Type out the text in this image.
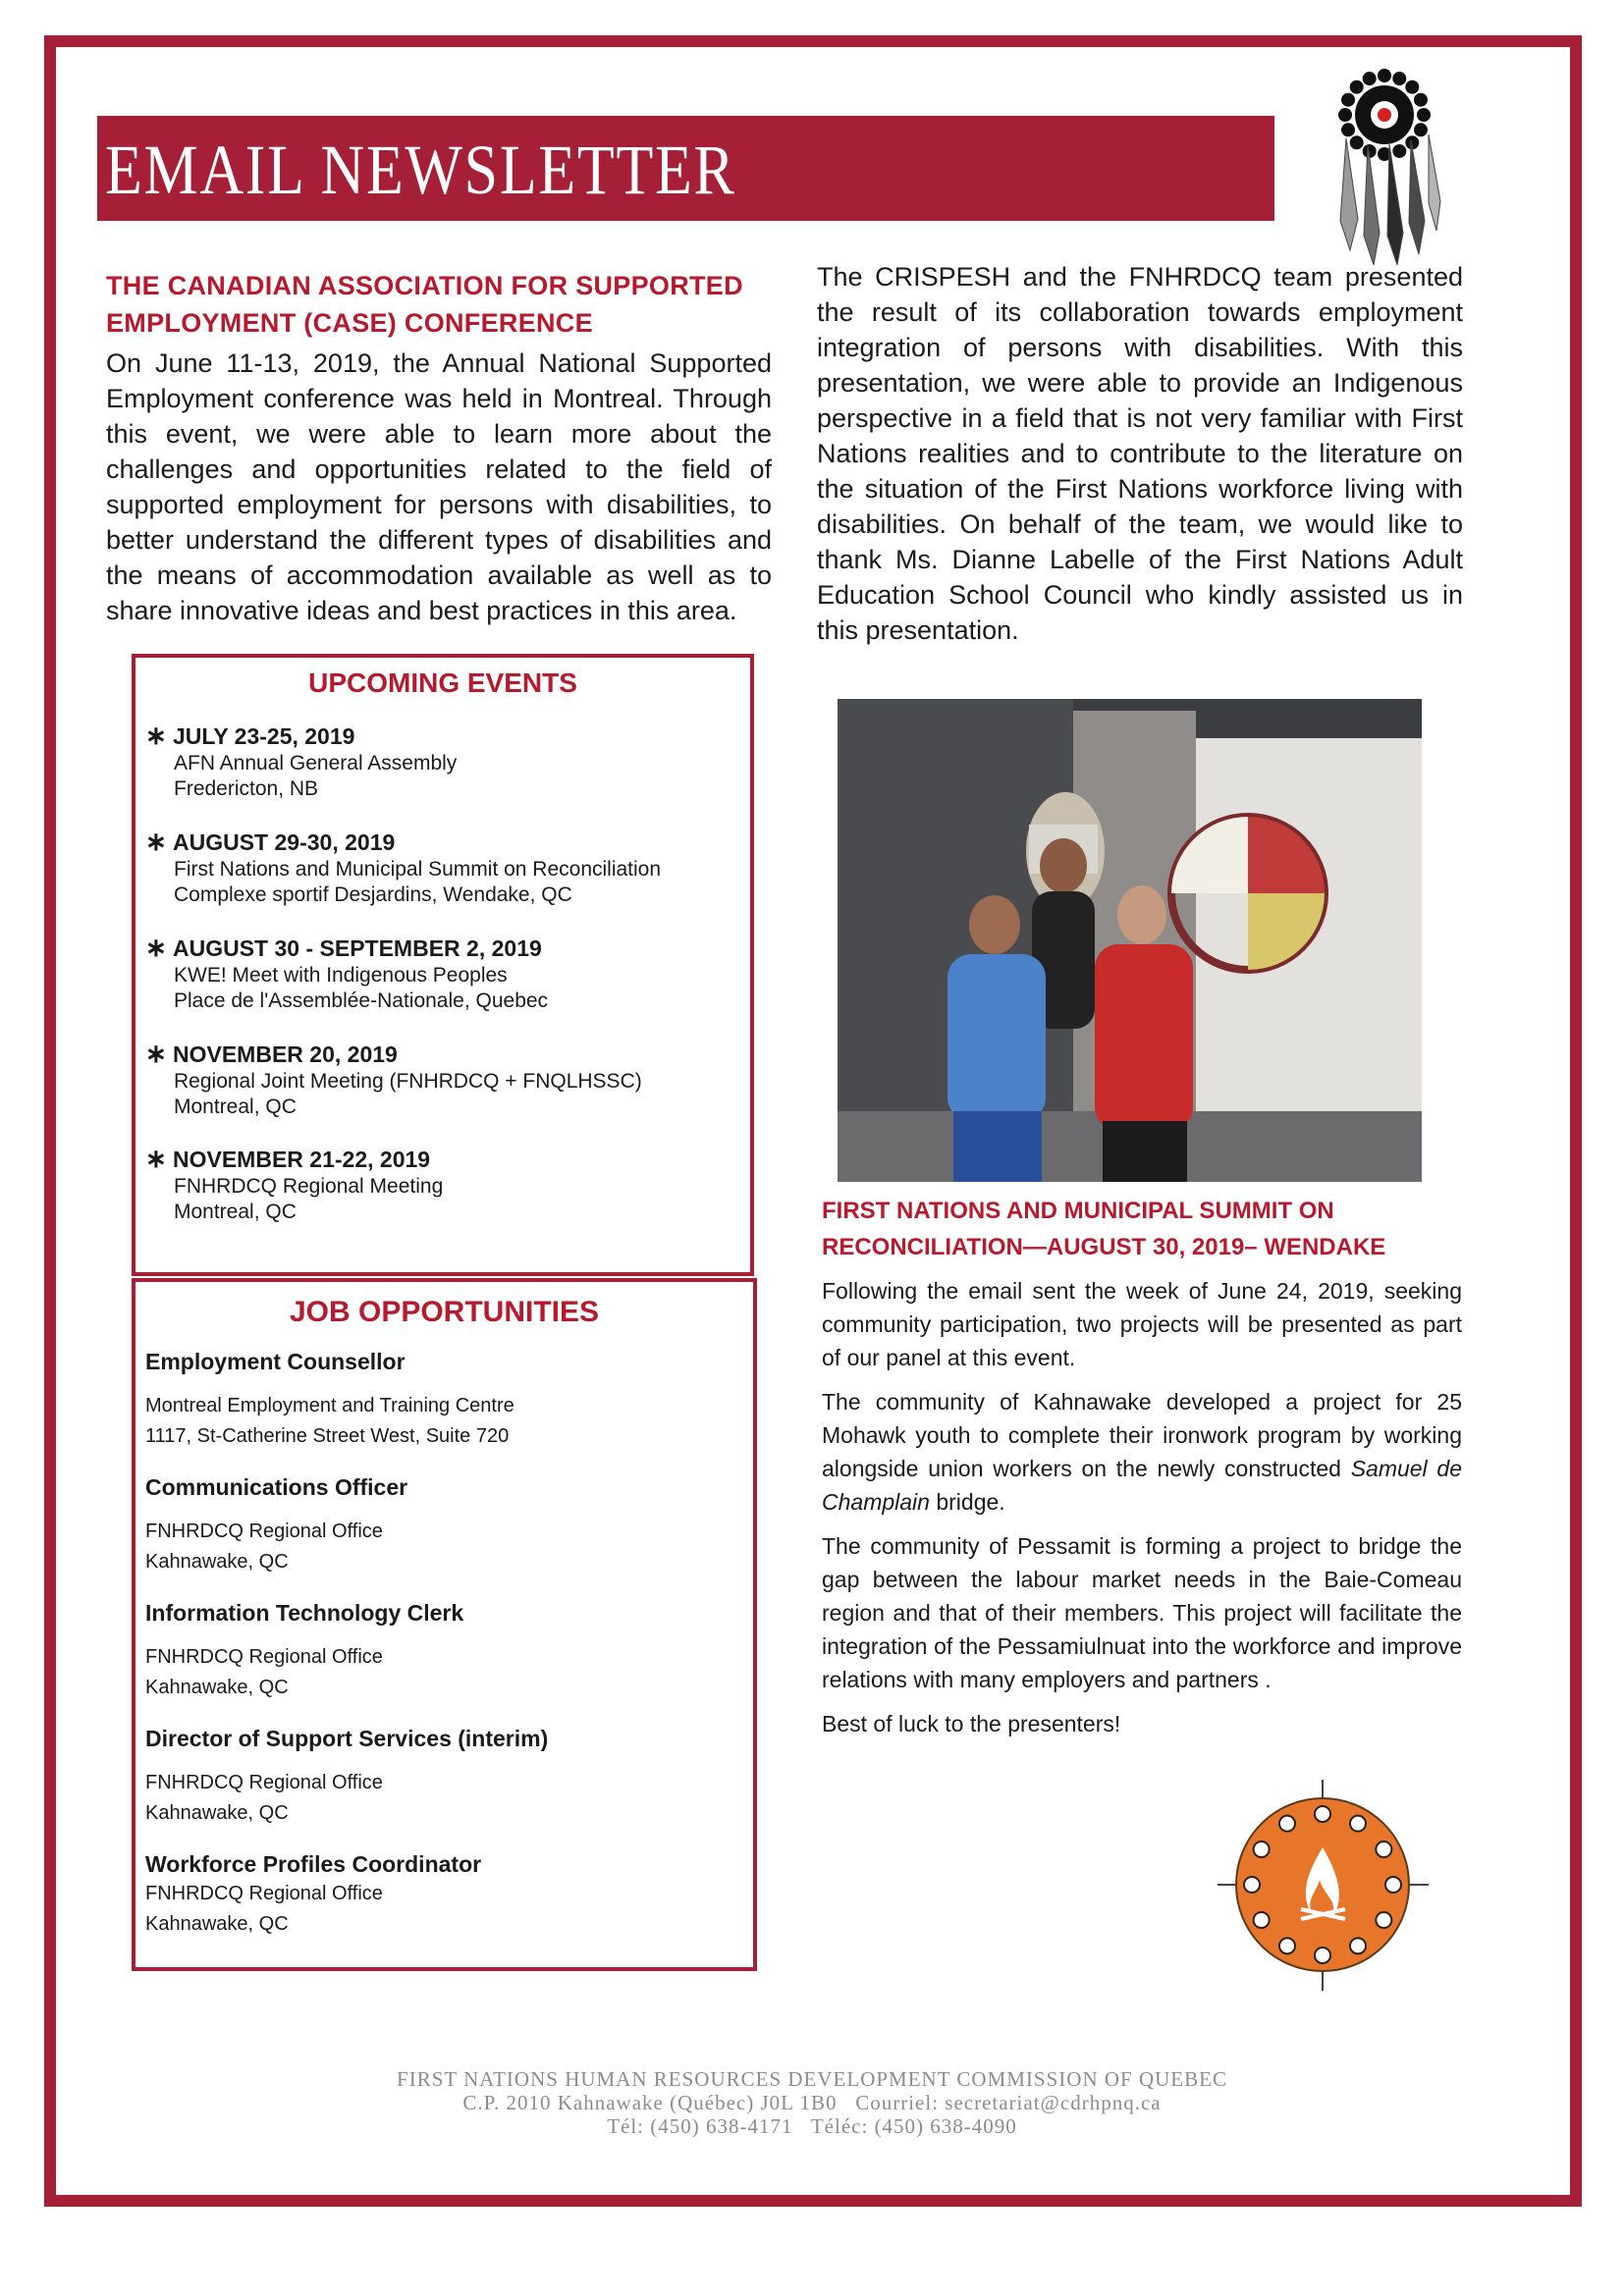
EMAIL NEWSLETTER
THE CANADIAN ASSOCIATION FOR SUPPORTED
EMPLOYMENT (CASE) CONFERENCE
On June 11-13, 2019, the Annual National Supported Employment conference was held in Montreal. Through this event, we were able to learn more about the challenges and opportunities related to the field of supported employment for persons with disabilities, to better understand the different types of disabilities and the means of accommodation available as well as to share innovative ideas and best practices in this area.
The CRISPESH and the FNHRDCQ team presented the result of its collaboration towards employment integration of persons with disabilities. With this presentation, we were able to provide an Indigenous perspective in a field that is not very familiar with First Nations realities and to contribute to the literature on the situation of the First Nations workforce living with disabilities. On behalf of the team, we would like to thank Ms. Dianne Labelle of the First Nations Adult Education School Council who kindly assisted us in this presentation.
UPCOMING EVENTS
∗ JULY 23-25, 2019
AFN Annual General Assembly
Fredericton, NB
∗ AUGUST 29-30, 2019
First Nations and Municipal Summit on Reconciliation
Complexe sportif Desjardins, Wendake, QC
∗ AUGUST 30 - SEPTEMBER 2, 2019
KWE! Meet with Indigenous Peoples
Place de l'Assemblée-Nationale, Quebec
∗ NOVEMBER 20, 2019
Regional Joint Meeting (FNHRDCQ + FNQLHSSC)
Montreal, QC
∗ NOVEMBER 21-22, 2019
FNHRDCQ Regional Meeting
Montreal, QC
JOB OPPORTUNITIES
Employment Counsellor
Montreal Employment and Training Centre
1117, St-Catherine Street West, Suite 720
Communications Officer
FNHRDCQ Regional Office
Kahnawake, QC
Information Technology Clerk
FNHRDCQ Regional Office
Kahnawake, QC
Director of Support Services (interim)
FNHRDCQ Regional Office
Kahnawake, QC
Workforce Profiles Coordinator
FNHRDCQ Regional Office
Kahnawake, QC
FIRST NATIONS AND MUNICIPAL SUMMIT ON
RECONCILIATION—AUGUST 30, 2019– WENDAKE

Following the email sent the week of June 24, 2019, seeking community participation, two projects will be presented as part of our panel at this event.

The community of Kahnawake developed a project for 25 Mohawk youth to complete their ironwork program by working alongside union workers on the newly constructed Samuel de Champlain bridge.

The community of Pessamit is forming a project to bridge the gap between the labour market needs in the Baie-Comeau region and that of their members. This project will facilitate the integration of the Pessamiulnuat into the workforce and improve relations with many employers and partners .

Best of luck to the presenters!

FIRST NATIONS HUMAN RESOURCES DEVELOPMENT COMMISSION OF QUEBEC
C.P. 2010 Kahnawake (Québec) J0L 1B0   Courriel: secretariat@cdrhpnq.ca
Tél: (450) 638-4171   Téléc: (450) 638-4090
